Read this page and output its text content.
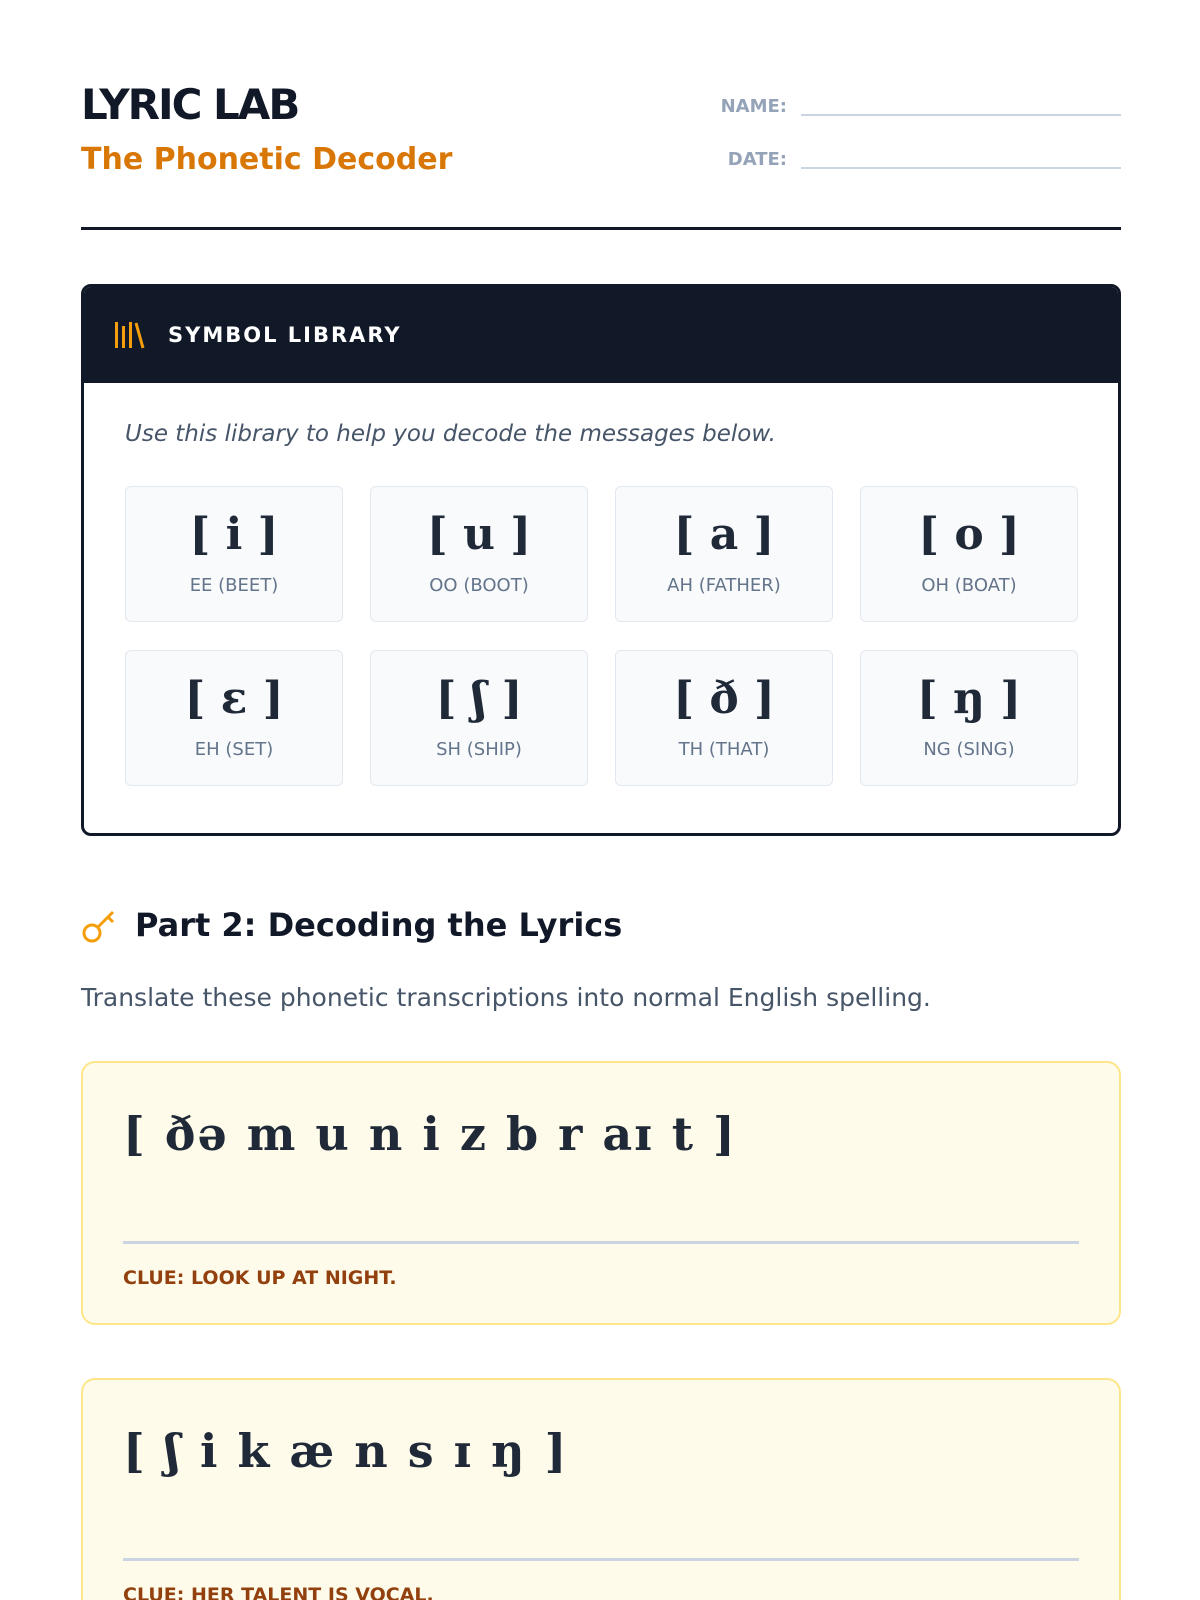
LYRIC LAB
The Phonetic Decoder
NAME:
DATE:
SYMBOL LIBRARY

Use this library to help you decode the messages below.

[ i ]
EE (BEET)
[ u ]
OO (BOOT)
[ a ]
AH (FATHER)
[ o ]
OH (BOAT)
[ ɛ ]
EH (SET)
[ ʃ ]
SH (SHIP)
[ ð ]
TH (THAT)
[ ŋ ]
NG (SING)
Part 2: Decoding the Lyrics

Translate these phonetic transcriptions into normal English spelling.

[ ðə m u n i z b r aɪ t ]
CLUE: LOOK UP AT NIGHT.
[ ʃ i k æ n s ɪ ŋ ]
CLUE: HER TALENT IS VOCAL.
